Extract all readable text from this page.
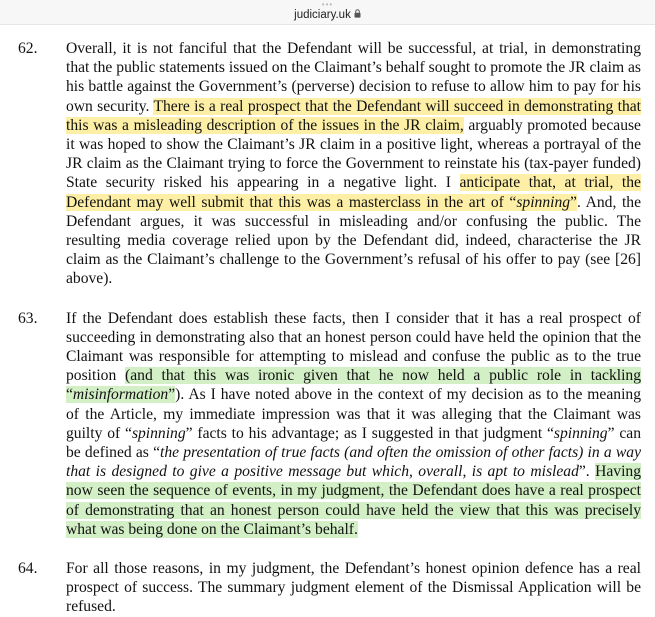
•••
judiciary.uk
62.	Overall, it is not fanciful that the Defendant will be successful, at trial, in demonstrating that the public statements issued on the Claimant’s behalf sought to promote the JR claim as his battle against the Government’s (perverse) decision to refuse to allow him to pay for his own security. There is a real prospect that the Defendant will succeed in demonstrating that this was a misleading description of the issues in the JR claim, arguably promoted because it was hoped to show the Claimant’s JR claim in a positive light, whereas a portrayal of the JR claim as the Claimant trying to force the Government to reinstate his (tax-payer funded) State security risked his appearing in a negative light. I anticipate that, at trial, the Defendant may well submit that this was a masterclass in the art of “spinning”. And, the Defendant argues, it was successful in misleading and/or confusing the public. The resulting media coverage relied upon by the Defendant did, indeed, characterise the JR claim as the Claimant’s challenge to the Government’s refusal of his offer to pay (see [26] above).
63.	If the Defendant does establish these facts, then I consider that it has a real prospect of succeeding in demonstrating also that an honest person could have held the opinion that the Claimant was responsible for attempting to mislead and confuse the public as to the true position (and that this was ironic given that he now held a public role in tackling “misinformation”). As I have noted above in the context of my decision as to the meaning of the Article, my immediate impression was that it was alleging that the Claimant was guilty of “spinning” facts to his advantage; as I suggested in that judgment “spinning” can be defined as “the presentation of true facts (and often the omission of other facts) in a way that is designed to give a positive message but which, overall, is apt to mislead”. Having now seen the sequence of events, in my judgment, the Defendant does have a real prospect of demonstrating that an honest person could have held the view that this was precisely what was being done on the Claimant’s behalf.
64.	For all those reasons, in my judgment, the Defendant’s honest opinion defence has a real prospect of success. The summary judgment element of the Dismissal Application will be refused.
